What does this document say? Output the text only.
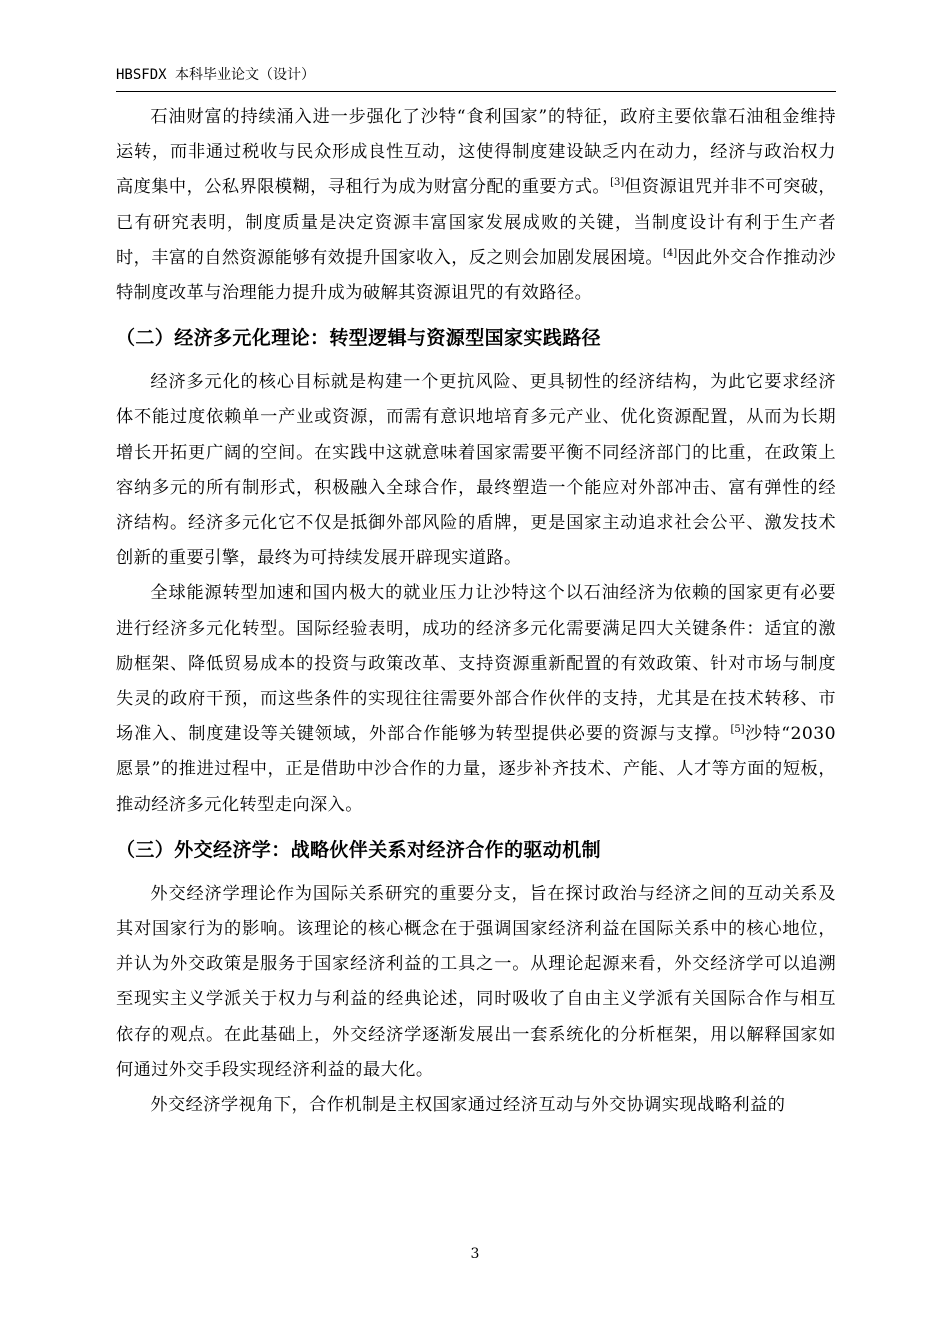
HBSFDX 本科毕业论文（设计）

石油财富的持续涌入进一步强化了沙特“食利国家”的特征，政府主要依靠石油租金维持运转，而非通过税收与民众形成良性互动，这使得制度建设缺乏内在动力，经济与政治权力高度集中，公私界限模糊，寻租行为成为财富分配的重要方式。[3]但资源诅咒并非不可突破，已有研究表明，制度质量是决定资源丰富国家发展成败的关键，当制度设计有利于生产者时，丰富的自然资源能够有效提升国家收入，反之则会加剧发展困境。[4]因此外交合作推动沙特制度改革与治理能力提升成为破解其资源诅咒的有效路径。

（二）经济多元化理论：转型逻辑与资源型国家实践路径

经济多元化的核心目标就是构建一个更抗风险、更具韧性的经济结构，为此它要求经济体不能过度依赖单一产业或资源，而需有意识地培育多元产业、优化资源配置，从而为长期增长开拓更广阔的空间。在实践中这就意味着国家需要平衡不同经济部门的比重，在政策上容纳多元的所有制形式，积极融入全球合作，最终塑造一个能应对外部冲击、富有弹性的经济结构。经济多元化它不仅是抵御外部风险的盾牌，更是国家主动追求社会公平、激发技术创新的重要引擎，最终为可持续发展开辟现实道路。

全球能源转型加速和国内极大的就业压力让沙特这个以石油经济为依赖的国家更有必要进行经济多元化转型。国际经验表明，成功的经济多元化需要满足四大关键条件：适宜的激励框架、降低贸易成本的投资与政策改革、支持资源重新配置的有效政策、针对市场与制度失灵的政府干预，而这些条件的实现往往需要外部合作伙伴的支持，尤其是在技术转移、市场准入、制度建设等关键领域，外部合作能够为转型提供必要的资源与支撑。[5]沙特“2030 愿景”的推进过程中，正是借助中沙合作的力量，逐步补齐技术、产能、人才等方面的短板，推动经济多元化转型走向深入。

（三）外交经济学：战略伙伴关系对经济合作的驱动机制

外交经济学理论作为国际关系研究的重要分支，旨在探讨政治与经济之间的互动关系及其对国家行为的影响。该理论的核心概念在于强调国家经济利益在国际关系中的核心地位，并认为外交政策是服务于国家经济利益的工具之一。从理论起源来看，外交经济学可以追溯至现实主义学派关于权力与利益的经典论述，同时吸收了自由主义学派有关国际合作与相互依存的观点。在此基础上，外交经济学逐渐发展出一套系统化的分析框架，用以解释国家如何通过外交手段实现经济利益的最大化。

外交经济学视角下，合作机制是主权国家通过经济互动与外交协调实现战略利益的

3
